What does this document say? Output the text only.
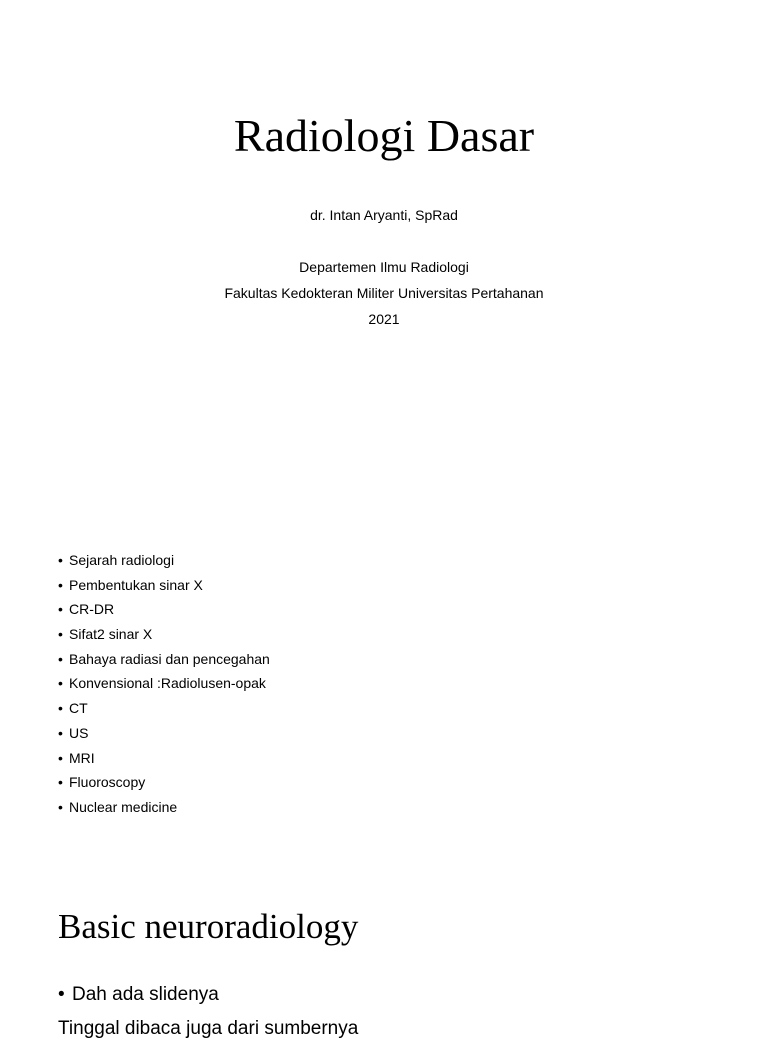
Radiologi Dasar
dr. Intan Aryanti, SpRad
Departemen Ilmu Radiologi
Fakultas Kedokteran Militer Universitas Pertahanan
2021
• Sejarah radiologi
• Pembentukan sinar X
• CR-DR
• Sifat2 sinar X
• Bahaya radiasi dan pencegahan
• Konvensional :Radiolusen-opak
• CT
• US
• MRI
• Fluoroscopy
• Nuclear medicine
Basic neuroradiology
• Dah ada slidenya
Tinggal dibaca juga dari sumbernya
